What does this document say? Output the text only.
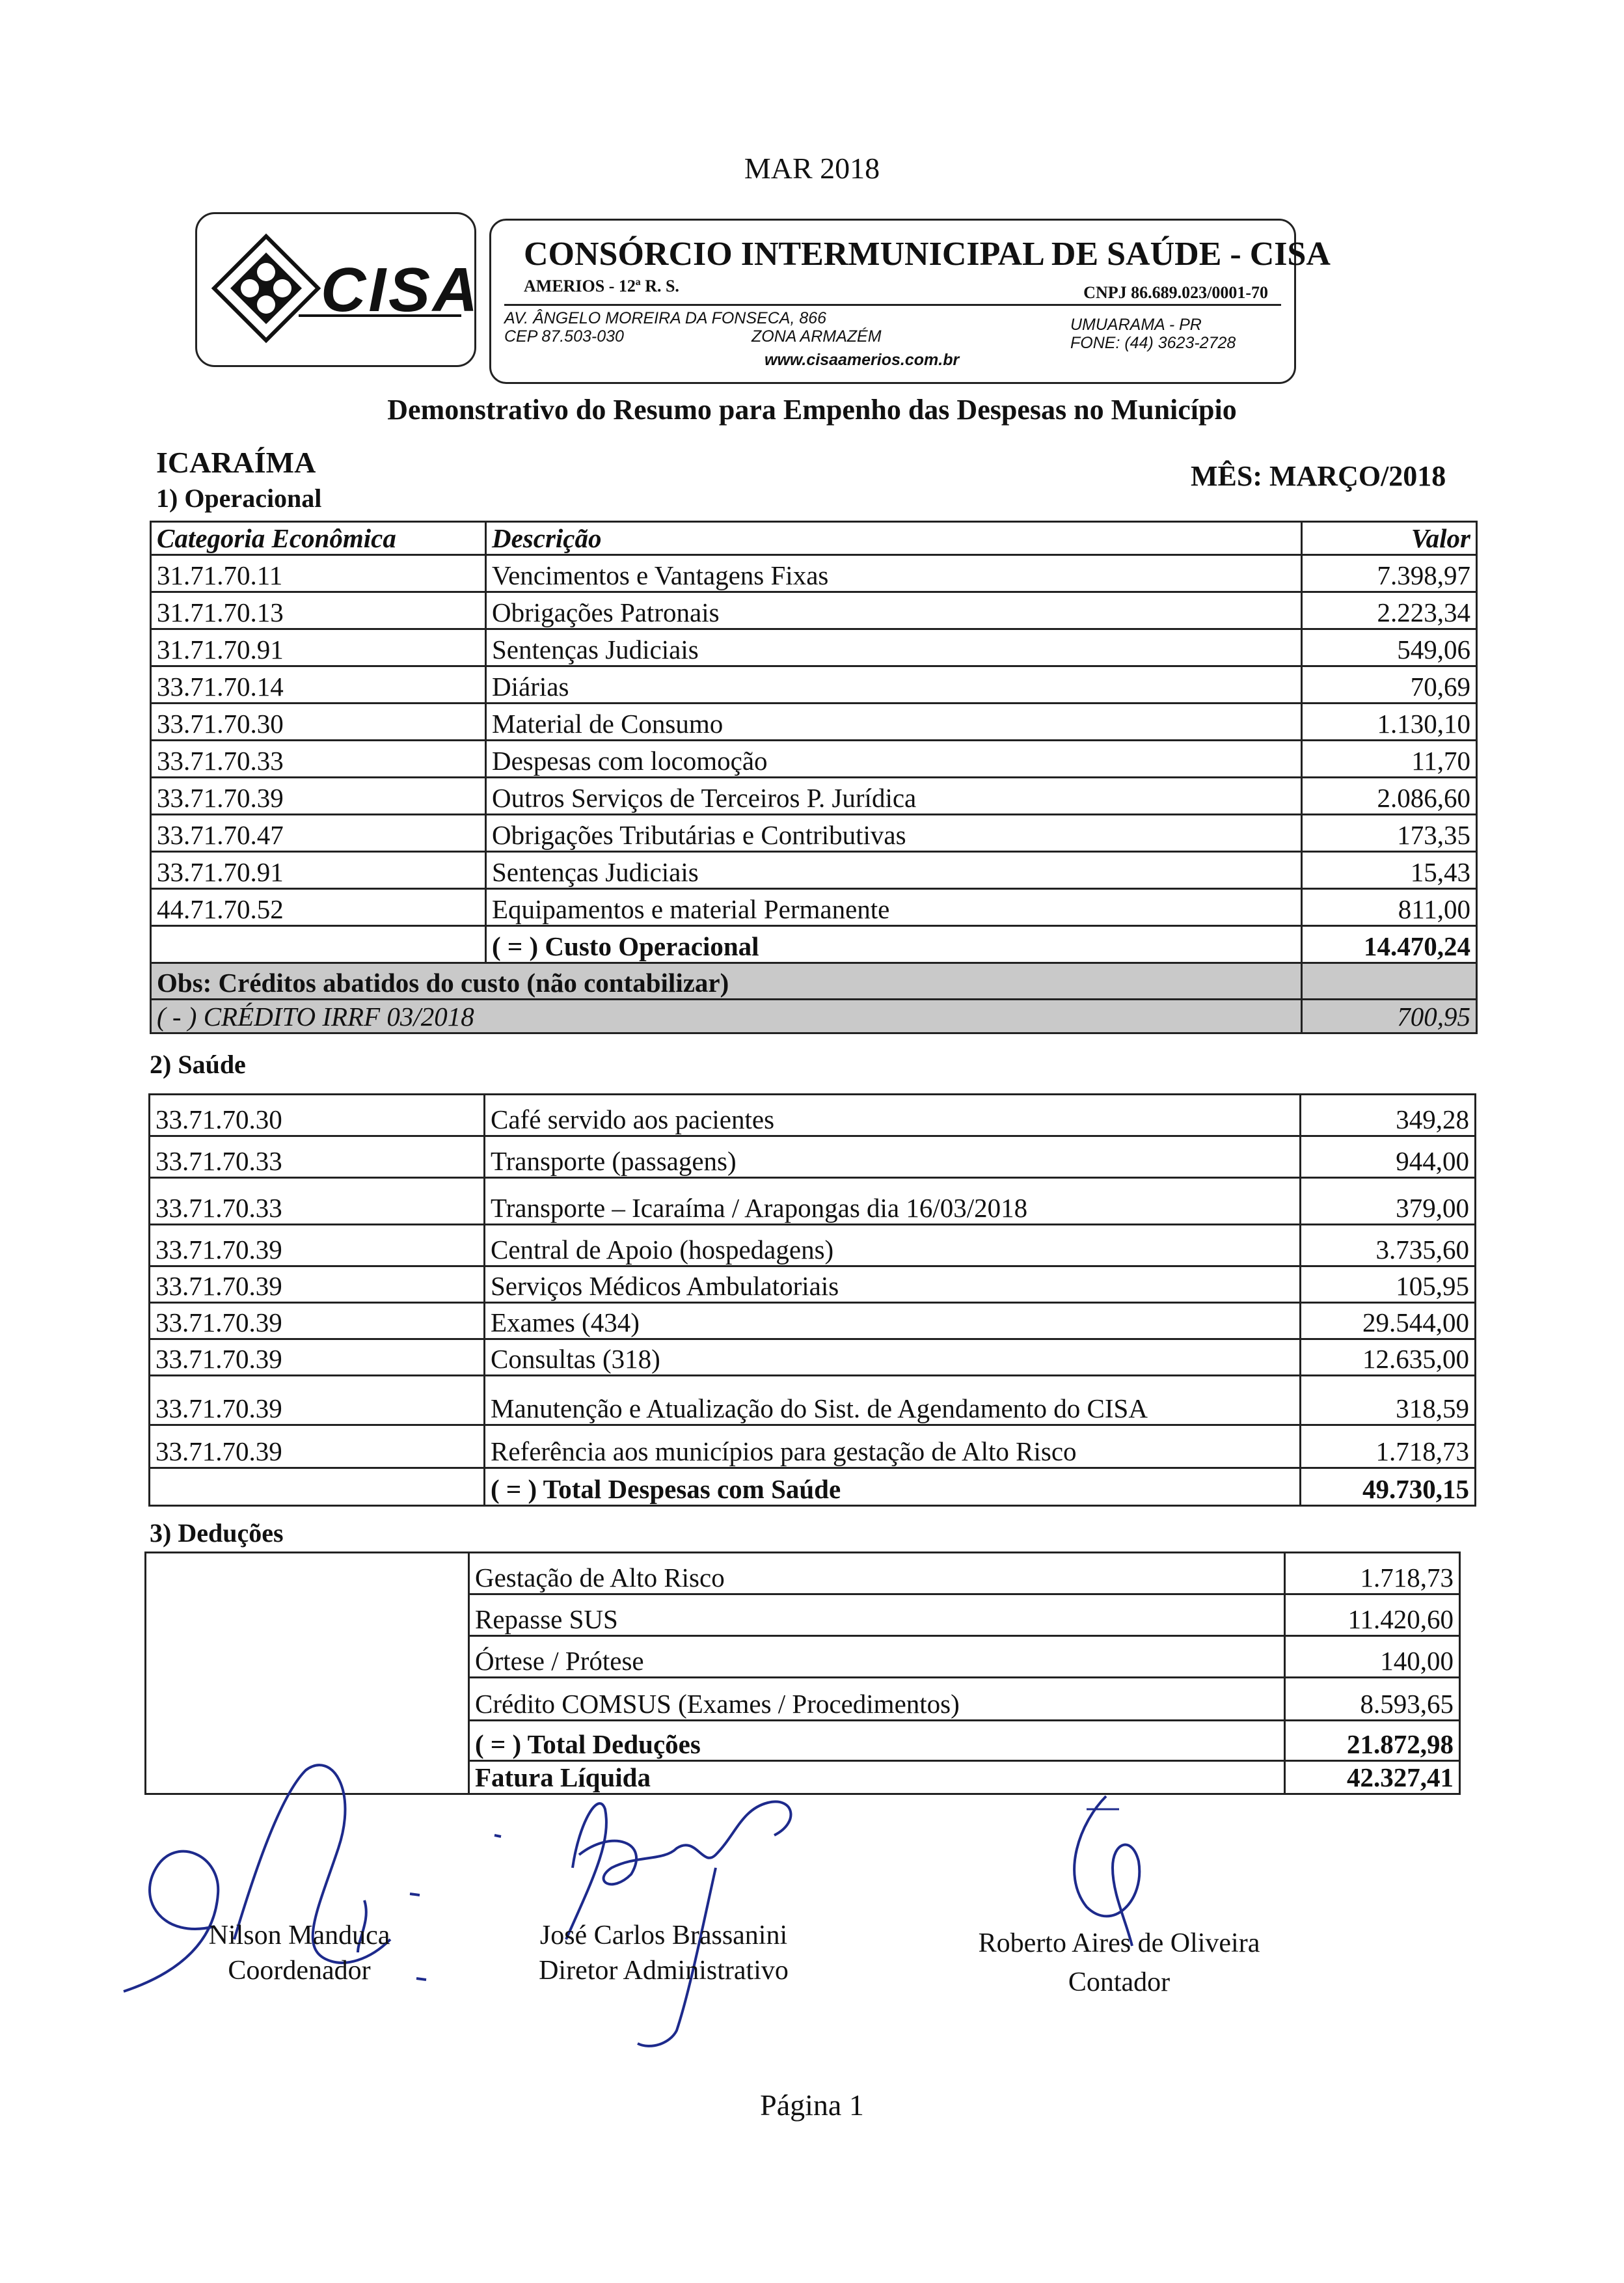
MAR 2018
CISA
CONSÓRCIO INTERMUNICIPAL DE SAÚDE - CISA
AMERIOS - 12ª R. S.	CNPJ 86.689.023/0001-70
AV. ÂNGELO MOREIRA DA FONSECA, 866
CEP 87.503-030	ZONA ARMAZÉM
UMUARAMA - PR
FONE: (44) 3623-2728
www.cisaamerios.com.br
Demonstrativo do Resumo para Empenho das Despesas no Município
ICARAÍMA	MÊS: MARÇO/2018
1) Operacional
Categoria Econômica	Descrição	Valor
31.71.70.11	Vencimentos e Vantagens Fixas	7.398,97
31.71.70.13	Obrigações Patronais	2.223,34
31.71.70.91	Sentenças Judiciais	549,06
33.71.70.14	Diárias	70,69
33.71.70.30	Material de Consumo	1.130,10
33.71.70.33	Despesas com locomoção	11,70
33.71.70.39	Outros Serviços de Terceiros P. Jurídica	2.086,60
33.71.70.47	Obrigações Tributárias e Contributivas	173,35
33.71.70.91	Sentenças Judiciais	15,43
44.71.70.52	Equipamentos e material Permanente	811,00
	( = ) Custo Operacional	14.470,24
Obs: Créditos abatidos do custo (não contabilizar)		
( - ) CRÉDITO IRRF 03/2018		700,95
2) Saúde
33.71.70.30	Café servido aos pacientes	349,28
33.71.70.33	Transporte (passagens)	944,00
33.71.70.33	Transporte – Icaraíma / Arapongas dia 16/03/2018	379,00
33.71.70.39	Central de Apoio (hospedagens)	3.735,60
33.71.70.39	Serviços Médicos Ambulatoriais	105,95
33.71.70.39	Exames (434)	29.544,00
33.71.70.39	Consultas (318)	12.635,00
33.71.70.39	Manutenção e Atualização do Sist. de Agendamento do CISA	318,59
33.71.70.39	Referência aos municípios para gestação de Alto Risco	1.718,73
	( = ) Total Despesas com Saúde	49.730,15
3) Deduções
	Gestação de Alto Risco	1.718,73
	Repasse SUS	11.420,60
	Órtese / Prótese	140,00
	Crédito COMSUS (Exames / Procedimentos)	8.593,65
	( = ) Total Deduções	21.872,98
	Fatura Líquida	42.327,41
Nilson Manduca
Coordenador
José Carlos Brassanini
Diretor Administrativo
Roberto Aires de Oliveira
Contador
Página 1
